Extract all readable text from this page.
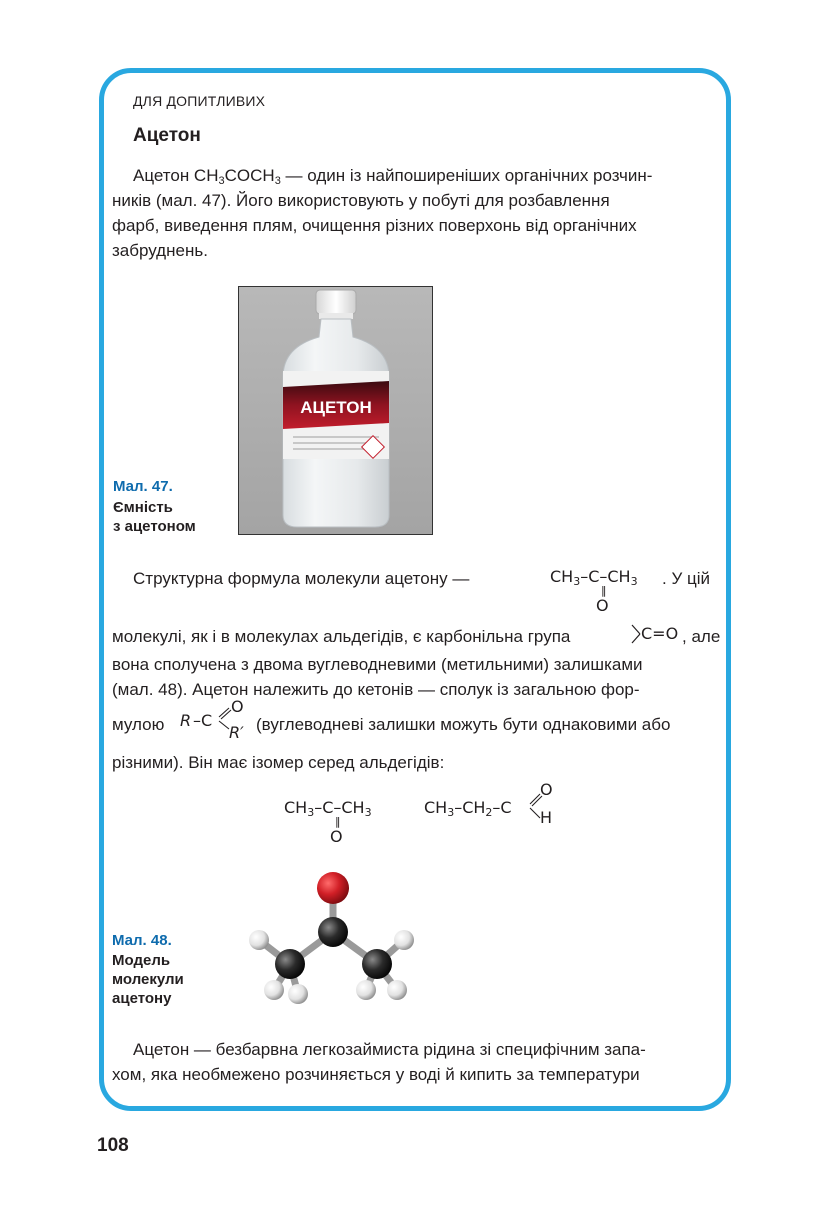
ДЛЯ ДОПИТЛИВИХ
Ацетон
Ацетон $CH_3COCH_3$ — один із найпоширеніших органічних розчин-
ників (мал. 47). Його використовують у побуті для розбавлення
фарб, виведення плям, очищення різних поверхонь від органічних
забруднень.
Мал. 47.
Ємність
з ацетоном
АЦЕТОН
Структурна формула молекули ацетону —	$CH_3-C-CH_3$
‖
O
. У цій
молекулі, як і в молекулах альдегідів, є карбонільна група	C=O , але
вона сполучена з двома вуглеводневими (метильними) залишками
(мал. 48). Ацетон належить до кетонів — сполук із загальною фор-
мулою R –C
O
R′ (вуглеводневі залишки можуть бути однаковими або
різними). Він має ізомер серед альдегідів:
$CH_3-C-CH_3$
‖
O
$CH_3-CH_2-C$
O
H
Мал. 48.
Модель
молекули
ацетону
Ацетон — безбарвна легкозаймиста рідина зі специфічним запа-
хом, яка необмежено розчиняється у воді й кипить за температури
108
